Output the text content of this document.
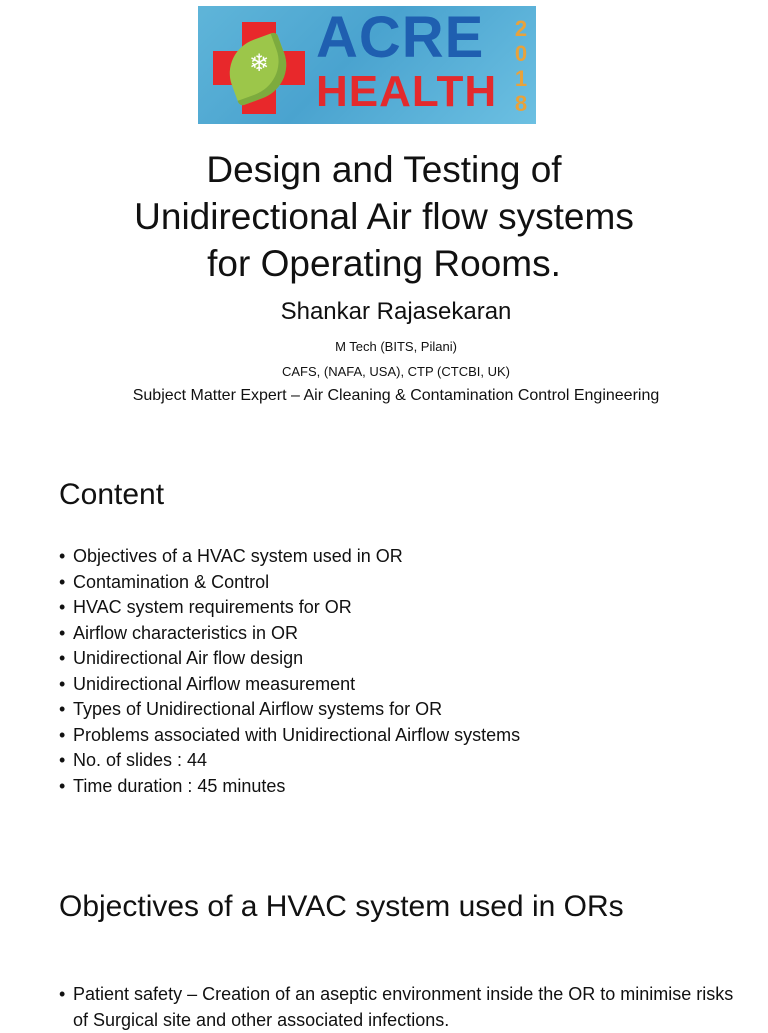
❄ ACRE
HEALTH
2
0
1
8
Design and Testing of
Unidirectional Air flow systems
for Operating Rooms.
Shankar Rajasekaran
M Tech (BITS, Pilani)
CAFS, (NAFA, USA), CTP (CTCBI, UK)
Subject Matter Expert – Air Cleaning & Contamination Control Engineering
Content
• Objectives of a HVAC system used in OR
• Contamination & Control
• HVAC system requirements for OR
• Airflow characteristics in OR
• Unidirectional Air flow design
• Unidirectional Airflow measurement
• Types of Unidirectional Airflow systems for OR
• Problems associated with Unidirectional Airflow systems
• No. of slides : 44
• Time duration : 45 minutes
Objectives of a HVAC system used in ORs
• Patient safety – Creation of an aseptic environment inside the OR to minimise risks of Surgical site and other associated infections.
